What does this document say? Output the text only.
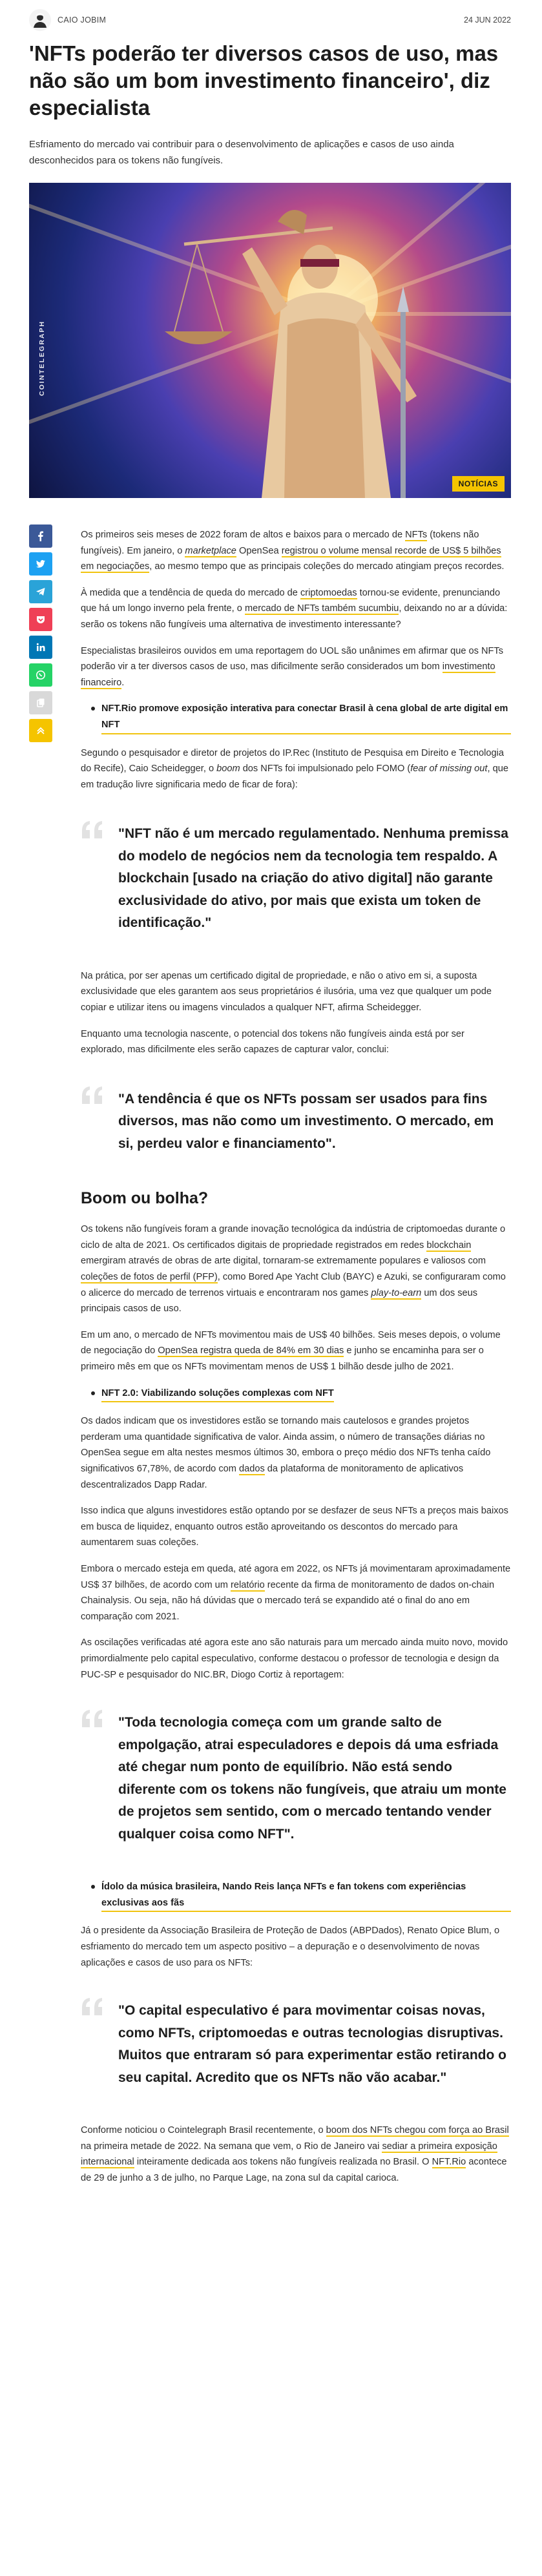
CAIO JOBIM	24 JUN 2022
'NFTs poderão ter diversos casos de uso, mas não são um bom investimento financeiro', diz especialista

Esfriamento do mercado vai contribuir para o desenvolvimento de aplicações e casos de uso ainda desconhecidos para os tokens não fungíveis.

COINTELEGRAPH
NOTÍCIAS

Os primeiros seis meses de 2022 foram de altos e baixos para o mercado de NFTs (tokens não fungíveis). Em janeiro, o marketplace OpenSea registrou o volume mensal recorde de US$ 5 bilhões em negociações, ao mesmo tempo que as principais coleções do mercado atingiam preços recordes.

À medida que a tendência de queda do mercado de criptomoedas tornou-se evidente, prenunciando que há um longo inverno pela frente, o mercado de NFTs também sucumbiu, deixando no ar a dúvida: serão os tokens não fungíveis uma alternativa de investimento interessante?

Especialistas brasileiros ouvidos em uma reportagem do UOL são unânimes em afirmar que os NFTs poderão vir a ter diversos casos de uso, mas dificilmente serão considerados um bom investimento financeiro.

NFT.Rio promove exposição interativa para conectar Brasil à cena global de arte digital em NFT

Segundo o pesquisador e diretor de projetos do IP.Rec (Instituto de Pesquisa em Direito e Tecnologia do Recife), Caio Scheidegger, o boom dos NFTs foi impulsionado pelo FOMO (fear of missing out, que em tradução livre significaria medo de ficar de fora):

"NFT não é um mercado regulamentado. Nenhuma premissa do modelo de negócios nem da tecnologia tem respaldo. A blockchain [usado na criação do ativo digital] não garante exclusividade do ativo, por mais que exista um token de identificação."

Na prática, por ser apenas um certificado digital de propriedade, e não o ativo em si, a suposta exclusividade que eles garantem aos seus proprietários é ilusória, uma vez que qualquer um pode copiar e utilizar itens ou imagens vinculados a qualquer NFT, afirma Scheidegger.

Enquanto uma tecnologia nascente, o potencial dos tokens não fungíveis ainda está por ser explorado, mas dificilmente eles serão capazes de capturar valor, conclui:

"A tendência é que os NFTs possam ser usados para fins diversos, mas não como um investimento. O mercado, em si, perdeu valor e financiamento".

Boom ou bolha?

Os tokens não fungíveis foram a grande inovação tecnológica da indústria de criptomoedas durante o ciclo de alta de 2021. Os certificados digitais de propriedade registrados em redes blockchain emergiram através de obras de arte digital, tornaram-se extremamente populares e valiosos com coleções de fotos de perfil (PFP), como Bored Ape Yacht Club (BAYC) e Azuki, se configuraram como o alicerce do mercado de terrenos virtuais e encontraram nos games play-to-earn um dos seus principais casos de uso.

Em um ano, o mercado de NFTs movimentou mais de US$ 40 bilhões. Seis meses depois, o volume de negociação do OpenSea registra queda de 84% em 30 dias e junho se encaminha para ser o primeiro mês em que os NFTs movimentam menos de US$ 1 bilhão desde julho de 2021.

NFT 2.0: Viabilizando soluções complexas com NFT

Os dados indicam que os investidores estão se tornando mais cautelosos e grandes projetos perderam uma quantidade significativa de valor. Ainda assim, o número de transações diárias no OpenSea segue em alta nestes mesmos últimos 30, embora o preço médio dos NFTs tenha caído significativos 67,78%, de acordo com dados da plataforma de monitoramento de aplicativos descentralizados Dapp Radar.

Isso indica que alguns investidores estão optando por se desfazer de seus NFTs a preços mais baixos em busca de liquidez, enquanto outros estão aproveitando os descontos do mercado para aumentarem suas coleções.

Embora o mercado esteja em queda, até agora em 2022, os NFTs já movimentaram aproximadamente US$ 37 bilhões, de acordo com um relatório recente da firma de monitoramento de dados on-chain Chainalysis. Ou seja, não há dúvidas que o mercado terá se expandido até o final do ano em comparação com 2021.

As oscilações verificadas até agora este ano são naturais para um mercado ainda muito novo, movido primordialmente pelo capital especulativo, conforme destacou o professor de tecnologia e design da PUC-SP e pesquisador do NIC.BR, Diogo Cortiz à reportagem:

"Toda tecnologia começa com um grande salto de empolgação, atrai especuladores e depois dá uma esfriada até chegar num ponto de equilíbrio. Não está sendo diferente com os tokens não fungíveis, que atraiu um monte de projetos sem sentido, com o mercado tentando vender qualquer coisa como NFT".

Ídolo da música brasileira, Nando Reis lança NFTs e fan tokens com experiências exclusivas aos fãs

Já o presidente da Associação Brasileira de Proteção de Dados (ABPDados), Renato Opice Blum, o esfriamento do mercado tem um aspecto positivo – a depuração e o desenvolvimento de novas aplicações e casos de uso para os NFTs:

"O capital especulativo é para movimentar coisas novas, como NFTs, criptomoedas e outras tecnologias disruptivas. Muitos que entraram só para experimentar estão retirando o seu capital. Acredito que os NFTs não vão acabar."

Conforme noticiou o Cointelegraph Brasil recentemente, o boom dos NFTs chegou com força ao Brasil na primeira metade de 2022. Na semana que vem, o Rio de Janeiro vai sediar a primeira exposição internacional inteiramente dedicada aos tokens não fungíveis realizada no Brasil. O NFT.Rio acontece de 29 de junho a 3 de julho, no Parque Lage, na zona sul da capital carioca.
